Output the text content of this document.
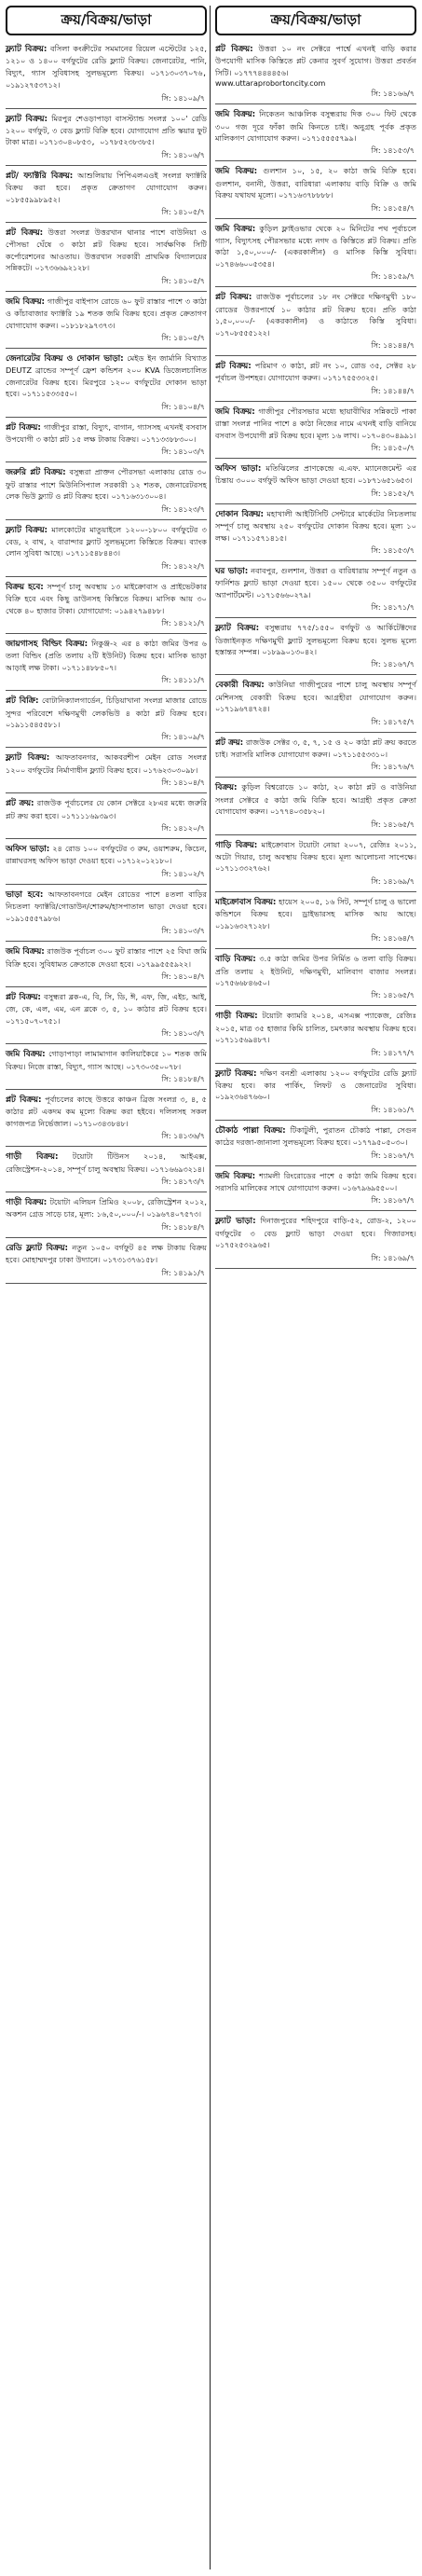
ক্রয়/বিক্রয়/ভাড়া

ফ্ল্যাট বিক্রয়: বসিলা কংক্রীটের সমমানের রিয়েল এস্টেটের ১২৫, ১২১০ ও ১৪০০ বর্গফুটের রেডি ফ্ল্যাট বিক্রয়। জেনারেটর, পানি, বিদ্যুৎ, গ্যাস সুবিধাসহ সুলভমূল্যে বিক্রয়। ০১৭১৩০৩৭০৭৬, ০১৯১২৭৫৩৭১২।

সি: ১৪১০৯/৭

ফ্ল্যাট বিক্রয়: মিরপুর শেওড়াপাড়া বাসস্ট্যান্ড সংলগ্ন ১০০' রেডি ১২০০ বর্গফুট, ৩ বেড ফ্ল্যাট বিক্রি হবে। যোগাযোগ প্রতি স্কয়ার ফুট টাকা মাত্র। ০১৭১৩০৪০৮৫৩, ০১৭৮৫২৩৮৩৮৫।

সি: ১৪১০৬/৭

প্লট/ ফ্যাক্টরি বিক্রয়: আশুলিয়ায় পিপিএলএওই সংলগ্ন ফ্যাক্টরি বিক্রয় করা হবে। প্রকৃত ক্রেতাগণ যোগাযোগ করুন। ০১৮৫৫৯৯৮৯৫২।

সি: ১৪১০৫/৭

প্লট বিক্রয়: উত্তরা সংলগ্ন উত্তরখান থানার পাশে বাউনিয়া ও পৌসভা ঘেঁষে ৩ কাঠা প্লট বিক্রয় হবে। সার্বক্ষণিক সিটি কর্পোরেশনের আওতায়। উত্তরখান সরকারী প্রাথমিক বিদ্যালয়ের সন্নিকটে। ০১৭৩৬৬৯২১২৮।

সি: ১৪১০৫/৭

জমি বিক্রয়: গাজীপুর বাইপাস রোডে ৬০ ফুট রাস্তার পাশে ৩ কাঠা ও কাঁচাবাজার ফ্যাক্টরি ১৯ শতক জমি বিক্রয় হবে। প্রকৃত ক্রেতাগণ যোগাযোগ করুন। ০১৮১৮২৯৭৩৭৩।

সি: ১৪১০৫/৭

জেনারেটর বিক্রয় ও দোকান ভাড়া: মেইড ইন জার্মানি বিখ্যাত DEUTZ ব্রান্ডের সম্পূর্ণ ফ্রেশ কন্ডিশন ২০০ KVA ডিজেলচালিত জেনারেটর বিক্রয় হবে। মিরপুরে ১২০০ বর্গফুটের দোকান ভাড়া হবে। ০১৭১১৫৩৩৫৫০।

সি: ১৪১০৪/৭

প্লট বিক্রয়: গাজীপুর রাস্তা, বিদ্যুৎ, বাগান, গ্যাসসহ এখনই বসবাস উপযোগী ৩ কাঠা প্লট ১৫ লক্ষ টাকায় বিক্রয়। ০১৭১৩৩৮৮৩০০।

সি: ১৪১০৩/৭

জরুরি প্লট বিক্রয়: বসুন্ধরা প্রাক্তন পৌরসভা এলাকায় রোড ৩০ ফুট রাস্তার পাশে মিউনিসিপ্যাল সরকারী ১২ শতক, জেনারেটরসহ লেক ভিউ ফ্ল্যাট ও প্লট বিক্রয় হবে। ০১৭১৬৩১৩০০৪।

সি: ১৪১২৩/৭

ফ্ল্যাট বিক্রয়: মালকোটের মাতুয়াইলে ১২০০-১৮০০ বর্গফুটের ৩ বেড, ২ বাথ, ২ বারান্দার ফ্ল্যাট সুলভমূল্যে কিস্তিতে বিক্রয়। ব্যাংক লোন সুবিধা আছে। ০১৭১১৫৪৮৪৪৩।

সি: ১৪১২২/৭

বিক্রয় হবে: সম্পূর্ণ চালু অবস্থায় ১৩ মাইক্রোবাস ও প্রাইভেটকার বিক্রি হবে এবং কিছু ডাউনসহ কিস্তিতে বিক্রয়। মাসিক আয় ৩০ থেকে ৪০ হাজার টাকা। যোগাযোগ: ০১৯৪২৭৯৪৮৮।

সি: ১৪১২১/৭

জায়গাসহ বিল্ডিং বিক্রয়: নিকুঞ্জ-২ এর ৪ কাঠা জমির উপর ৬ তলা বিল্ডিং (প্রতি তলায় ২টি ইউনিট) বিক্রয় হবে। মাসিক ভাড়া আড়াই লক্ষ টাকা। ০১৭১১৪৮৮৫০৭।

সি: ১৪১১১/৭

প্লট বিক্রি: বোটানিক্যালগার্ডেন, চিড়িয়াখানা সংলগ্ন মাজার রোডে সুন্দর পরিবেশে দক্ষিণমুখী লেকভিউ ৪ কাঠা প্লট বিক্রয় হবে। ০১৯১১৫৪৫৫৮১।

সি: ১৪১০৯/৭

ফ্ল্যাট বিক্রয়: আফতাবনগর, আকবরশীপ মেইন রোড সংলগ্ন ১২০০ বর্গফুটের নির্মাণাধীন ফ্ল্যাট বিক্রয় হবে। ০১৭৬২৩০৩০৯৮।

সি: ১৪১০৪/৭

প্লট ক্রয়: রাজউক পূর্বাচলের যে কোন সেক্টরে ২৮এর মধ্যে জরুরি প্লট ক্রয় করা হবে। ০১৭১১১৬৯৩৯৩।

সি: ১৪১২০/৭

অফিস ভাড়া: ২৪ রোড ১০০ বর্গফুটের ৩ রুম, ওয়াশরুম, কিচেন, রান্নাঘরসহ অফিস ভাড়া দেওয়া হবে। ০১৭১২০১২১৮০।

সি: ১৪১০২/৭

ভাড়া হবে: আফতাবনগরে মেইন রোডের পাশে ৪তলা বাড়ির নিচতলা ফ্যাক্টরি/গোডাউন/শোরুম/হাসপাতাল ভাড়া দেওয়া হবে। ০১৯১৫৫৫৭৯৮৬।

সি: ১৪১০৩/৭

জমি বিক্রয়: রাজউক পূর্বাচল ৩০০ ফুট রাস্তার পাশে ২৫ বিঘা জমি বিক্রি হবে। সুবিধামত ক্রেতাকে দেওয়া হবে। ০১৭৯৯৫৫৫৯২২।

সি: ১৪১০৪/৭

প্লট বিক্রয়: বসুন্ধরা ব্লক-এ, বি, সি, ডি, ঈ, এফ, জি, এইচ, আই, জে, কে, এল, এম, এন ব্লকে ৩, ৫, ১০ কাঠার প্লট বিক্রয় হবে। ০১৭১৫০৭০৭৫১।

সি: ১৪১০৩/৭

জমি বিক্রয়: গোড়াপাড়া লামামাগান কালিয়াকৈরে ১০ শতক জমি বিক্রয়। নিজে রাস্তা, বিদ্যুৎ, গ্যাস আছে। ০১৭৩০৩৫০০৭৮।

সি: ১৪১৮৪/৭

প্লট বিক্রয়: পূর্বাচলের কাছে উত্তরে কাঞ্চন ব্রিজ সংলগ্ন ৩, ৪, ৫ কাঠার প্লট একদম কম মূল্যে বিক্রয় করা হইবে। দলিলসহ সকল কাগজপত্র নির্ভেজাল। ০১৭১০৩৪৩৮৪৮।

সি: ১৪১৩৬/৭

গাড়ী বিক্রয়: টয়োটা টিউনস ২০১৪, আইএক্স, রেজিস্ট্রেশন-২০১৪, সম্পূর্ণ চালু অবস্থায় বিক্রয়। ০১৭১৬৬৯৩২১৪।

সি: ১৪১৭৩/৭

গাড়ী বিক্রয়: টয়োটা এলিয়ন প্রিমিও ২০০৮, রেজিস্ট্রেশন ২০১২, অকশন গ্রেড সাড়ে চার, মূল্য: ১৬,৫০,০০০/-। ০১৯৬৭৪০৭৫৭৩।

সি: ১৪১৮৪/৭

রেডি ফ্ল্যাট বিক্রয়: নতুন ১০৫০ বর্গফুট ৪৫ লক্ষ টাকায় বিক্রয় হবে। মোহাম্মদপুর ঢাকা উদ্যানে। ০১৭৩১৩৭৬১৫৮।

সি: ১৪১৯১/৭
ক্রয়/বিক্রয়/ভাড়া

প্লট বিক্রয়: উত্তরা ১০ নং সেক্টরে পার্শ্বে এখনই বাড়ি করার উপযোগী মাসিক কিস্তিতে প্লট কেনার সুবর্ণ সুযোগ। উত্তরা প্রবর্তন সিটি। ০১৭৭৭৪৪৪৪৫৬।

www.uttaraprobortoncity.com
সি: ১৪১৬৬/৭

জমি বিক্রয়: নিকেতন আঞ্চলিক বসুন্ধরায় দিক ৩০০ ফিট থেকে ৩০০ গজ দূরে ফাঁকা জমি কিনতে চাই। অনুগ্রহ পূর্বক প্রকৃত মালিকগণ যোগাযোগ করুন। ০১৭১৫৫৫৫৭৯৯।

সি: ১৪১৫৩/৭

জমি বিক্রয়: গুলশান ১০, ১৫, ২০ কাঠা জমি বিক্রি হবে। গুলশান, বনানী, উত্তরা, বারিধারা এলাকায় বাড়ি বিক্রি ও জমি বিক্রয় যথাযথ মূল্যে। ০১৭১৬৩৭৮৮৮৮।

সি: ১৪১৫৪/৭

জমি বিক্রয়: কুড়িল ফ্লাইওভার থেকে ২০ মিনিটের পথ পূর্বাচলে গ্যাস, বিদ্যুৎসহ পৌরসভার মধ্যে নগদ ও কিস্তিতে প্লট বিক্রয়। প্রতি কাঠা ১,৫০,০০০/- (একরকালীন) ও মাসিক কিস্তি সুবিধা। ০১৭৪৬৬০০৫৩৫৪।

সি: ১৪১৫৯/৭

প্লট বিক্রয়: রাজউক পূর্বাচলের ১৮ নং সেক্টরে দক্ষিণমুখী ১৮০ রোডের উত্তরপার্শ্বে ১০ কাঠার প্লট বিক্রয় হবে। প্রতি কাঠা ১,৫০,০০০/- (একরকালীন) ও কাঠাতে কিস্তি সুবিধা। ০১৭০৮৫৫৫১২২।

সি: ১৪১৪৪/৭

প্লট বিক্রয়: পরিমাণ ৩ কাঠা, প্লট নং ১০, রোড ৩৫, সেক্টর ২৮ পূর্বাচল উপশহর। যোগাযোগ করুন। ০১৭১৭৫৫৩৩২৫।

সি: ১৪১৪৪/৭

জমি বিক্রয়: গাজীপুর পৌরসভার মধ্যে ছায়াবীথির সন্নিকটে পাকা রাস্তা সংলগ্ন পানির পাশে ৪ কাঠা নিজের নামে এখনই বাড়ি বানিয়ে বসবাস উপযোগী প্লট বিক্রয় হবে। মূল্য ১৬ লাখ। ০১৭০৪৩০৪৯৯১।

সি: ১৪১৫০/৭

অফিস ভাড়া: মতিঝিলের প্রাণকেন্দ্রে এ.এফ. ম্যানেজমেন্ট এর চিন্তায় ৩০০০ বর্গফুট অফিস ভাড়া দেওয়া হবে। ০১৮৭১৬৫১৬৫৩।

সি: ১৪১৫২/৭

দোকান বিক্রয়: মহাখালী আইটিসিটি সেন্টারে মার্কেটের নিচতলায় সম্পূর্ণ চালু অবস্থায় ২৫০ বর্গফুটের দোকান বিক্রয় হবে। মূল্য ১০ লক্ষ। ০১৭১১৫৭১৪১৫।

সি: ১৪১৫৩/৭

ঘর ভাড়া: নবাবপুর, গুলশান, উত্তরা ও বারিধারায় সম্পূর্ণ নতুন ও ফার্নিশড ফ্ল্যাট ভাড়া দেওয়া হবে। ১৫০০ থেকে ৩৫০০ বর্গফুটের অ্যাপার্টমেন্ট। ০১৭১৫৬৬০২৭৯।

সি: ১৪১৭১/৭

ফ্ল্যাট বিক্রয়: বসুন্ধরায় ৭৭৫/১৫৫০ বর্গফুট ও আর্কিটেক্টদের ডিজাইনকৃত দক্ষিণমুখী ফ্ল্যাট সুলভমূল্যে বিক্রয় হবে। সুলভ মূল্যে হস্তান্তর সম্পন্ন। ০১৮৯৯০১৩০৪২।

সি: ১৪১৬৭/৭

বেকারী বিক্রয়: কাউনিয়া গাজীপুরের পাশে চালু অবস্থায় সম্পূর্ণ মেশিনসহ বেকারী বিক্রয় হবে। আগ্রহীরা যোগাযোগ করুন। ০১৭১৯৬৭৪৭২৪।

সি: ১৪১৭৫/৭

প্লট ক্রয়: রাজউক সেক্টর ৩, ৫, ৭, ১৫ ও ২০ কাঠা প্লট ক্রয় করতে চাই। সরাসরি মালিক যোগাযোগ করুন। ০১৭১১৫৫৩৩১০।

সি: ১৪১৭৬/৭

বিক্রয়: কুড়িল বিশ্বরোডে ১০ কাঠা, ২০ কাঠা প্লট ও বাউনিয়া সংলগ্ন সেক্টরে ৫ কাঠা জমি বিক্রি হবে। আগ্রহী প্রকৃত ক্রেতা যোগাযোগ করুন। ০১৭৭৪০৩৫৮২০।

সি: ১৪১৬৫/৭

গাড়ি বিক্রয়: মাইক্রোবাস টয়োটা নোয়া ২০০৭, রেজিঃ ২০১১, অটো গিয়ার, চালু অবস্থায় বিক্রয় হবে। মূল্য আলোচনা সাপেক্ষে। ০১৭১১৩৩২৭৬২।

সি: ১৪১৬৯/৭

মাইক্রোবাস বিক্রয়: হায়েস ২০০৫, ১৬ সিট, সম্পূর্ণ চালু ও ভালো কন্ডিশনে বিক্রয় হবে। ড্রাইভারসহ মাসিক আয় আছে। ০১৯১৬৩২৭১২৮।

সি: ১৪১৬৪/৭

বাড়ি বিক্রয়: ৩.৫ কাঠা জমির উপর নির্মিত ৬ তলা বাড়ি বিক্রয়। প্রতি তলায় ২ ইউনিট, দক্ষিণমুখী, মালিবাগ বাজার সংলগ্ন। ০১৭৫৬৬৮৪৬৫০।

সি: ১৪১৬৫/৭

গাড়ী বিক্রয়: টয়োটা ক্যামরি ২০১৪, এসএক্স প্যাকেজ, রেজিঃ ২০১৫, মাত্র ৩৫ হাজার কিমি চালিত, চমৎকার অবস্থায় বিক্রয় হবে। ০১৭১১৫৬৯৪৮৭।

সি: ১৪১৭৭/৭

ফ্ল্যাট বিক্রয়: দক্ষিণ বনশ্রী এলাকায় ১২০০ বর্গফুটের রেডি ফ্ল্যাট বিক্রয় হবে। কার পার্কিং, লিফট ও জেনারেটর সুবিধা। ০১৯২৩৬৪৭৬৬০।

সি: ১৪১৬১/৭

চৌকাঠ পাল্লা বিক্রয়: টিকাটুলী, পুরাতন চৌকাঠ পাল্লা, সেগুন কাঠের দরজা-জানালা সুলভমূল্যে বিক্রয় হবে। ০১৭৭৯৫০৫০৩০।

সি: ১৪১৬৭/৭

জমি বিক্রয়: শ্যামলী রিংরোডের পাশে ৫ কাঠা জমি বিক্রয় হবে। সরাসরি মালিকের সাথে যোগাযোগ করুন। ০১৬৭৯৬৯৫৫০০।

সি: ১৪১৬৭/৭

ফ্ল্যাট ভাড়া: দিনাজপুরের শহিদপুরে বাড়ি-৫২, রোড-২, ১২০০ বর্গফুটের ৩ বেড ফ্ল্যাট ভাড়া দেওয়া হবে। গিজারসহ। ০১৭৫২৫৩২৯৬৫।

সি: ১৪১৬৯/৭
